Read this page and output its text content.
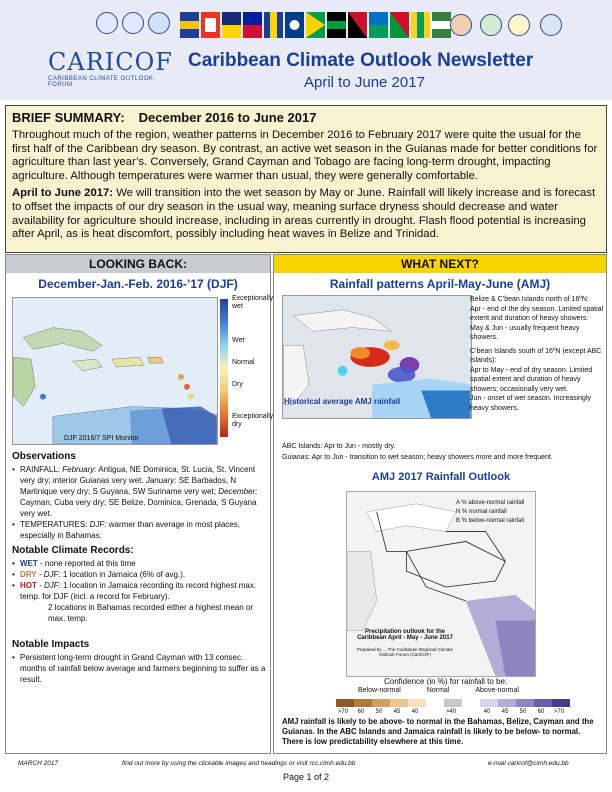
CARICOF
CARIBBEAN CLIMATE OUTLOOK FORUM
Caribbean Climate Outlook Newsletter
April to June 2017
BRIEF SUMMARY: December 2016 to June 2017

Throughout much of the region, weather patterns in December 2016 to February 2017 were quite the usual for the first half of the Caribbean dry season. By contrast, an active wet season in the Guianas made for better conditions for agriculture than last year’s. Conversely, Grand Cayman and Tobago are facing long-term drought, impacting agriculture. Although temperatures were warmer than usual, they were generally comfortable.

April to June 2017: We will transition into the wet season by May or June. Rainfall will likely increase and is forecast to offset the impacts of our dry season in the usual way, meaning surface dryness should decrease and water availability for agriculture should increase, including in areas currently in drought. Flash flood potential is increasing after April, as is heat discomfort, possibly including heat waves in Belize and Trinidad.

LOOKING BACK:
December-Jan.-Feb. 2016-’17 (DJF)
Exceptionally wet
Wet
Normal
Dry
Exceptionally dry
DJF 2016/7 SPI Monitor
Observations
• RAINFALL: February: Antigua, NE Dominica, St. Lucia, St. Vincent very dry; interior Guianas very wet. January: SE Barbados, N Martinique very dry; S Guyana, SW Suriname very wet; December: Cayman, Cuba very dry; SE Belize, Dominica, Grenada, S Guyana very wet.
• TEMPERATURES: DJF: warmer than average in most places, especially in Bahamas.
Notable Climate Records:
• WET - none reported at this time
• DRY - DJF: 1 location in Jamaica (6% of avg.).
• HOT - DJF: 1 location in Jamaica recording its record highest max. temp. for DJF (incl. a record for February).
2 locations in Bahamas recorded either a highest mean or max. temp.
Notable Impacts
• Persistent long-term drought in Grand Cayman with 13 consec. months of rainfall below average and farmers beginning to suffer as a result.
WHAT NEXT?
Rainfall patterns April-May-June (AMJ)
Historical average AMJ rainfall
Belize & C’bean Islands north of 16ºN:
Apr - end of the dry season. Limited spatial extent and duration of heavy showers.
May & Jun - usually frequent heavy showers.
C’bean Islands south of 16ºN (except ABC Islands):
Apr to May - end of dry season. Limited spatial extent and duration of heavy showers; occasionally very wet.
Jun - onset of wet season. Increasingly heavy showers.
ABC Islands: Apr to Jun - mostly dry.
Guianas: Apr to Jun - transition to wet season; heavy showers more and more frequent.
AMJ 2017 Rainfall Outlook
A % above-normal rainfall
N % normal rainfall
B % below-normal rainfall
Precipitation outlook for the Caribbean April - May - June 2017
Prepared by ... The Caribbean Regional Climate Outlook Forum (CariCOF)
Confidence (in %) for rainfall to be:
Below-normal	Normal	Above-normal
>70	60	50	45	40	>40	40	45	50	60	>70
AMJ rainfall is likely to be above- to normal in the Bahamas, Belize, Cayman and the Guianas. In the ABC Islands and Jamaica rainfall is likely to be below- to normal. There is low predictability elsewhere at this time.
MARCH 2017	find out more by using the clickable images and headings or visit rcc.cimh.edu.bb	e-mail caricof@cimh.edu.bb
Page 1 of 2
